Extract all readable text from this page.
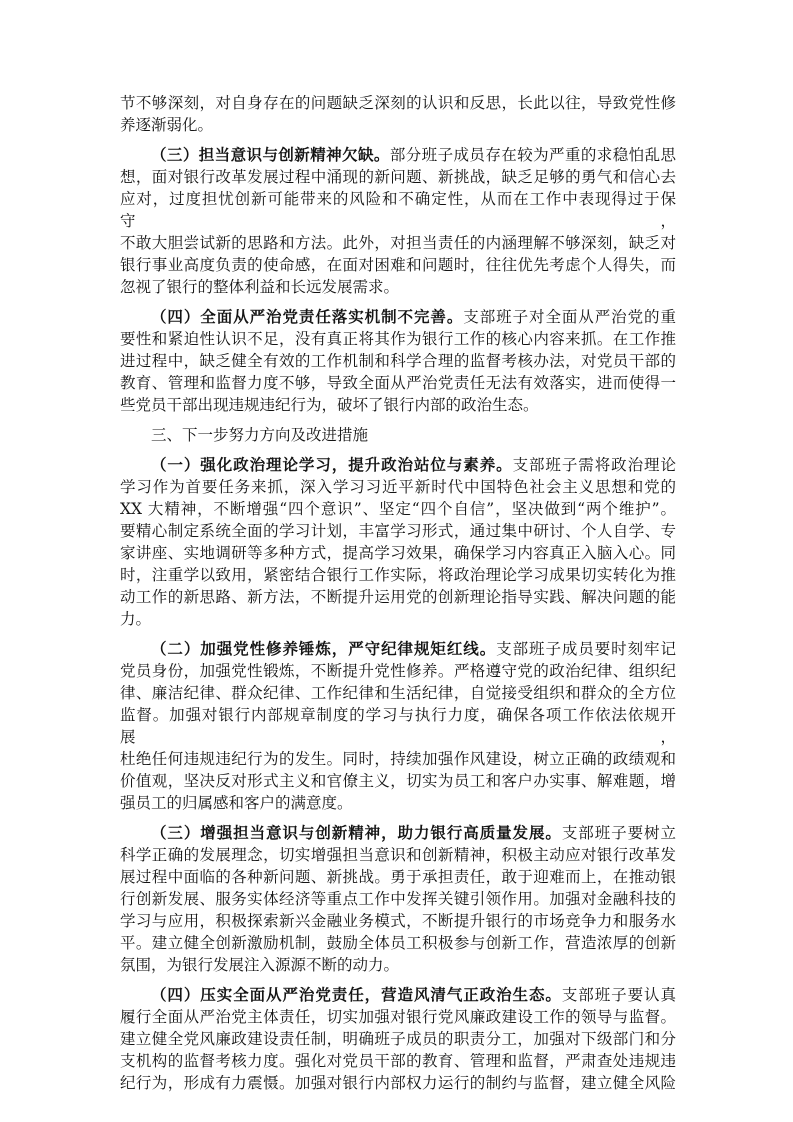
节不够深刻，对自身存在的问题缺乏深刻的认识和反思，长此以往，导致党性修
养逐渐弱化。
（三）担当意识与创新精神欠缺。部分班子成员存在较为严重的求稳怕乱思
想，面对银行改革发展过程中涌现的新问题、新挑战，缺乏足够的勇气和信心去
应对，过度担忧创新可能带来的风险和不确定性，从而在工作中表现得过于保守，
不敢大胆尝试新的思路和方法。此外，对担当责任的内涵理解不够深刻，缺乏对
银行事业高度负责的使命感，在面对困难和问题时，往往优先考虑个人得失，而
忽视了银行的整体利益和长远发展需求。
（四）全面从严治党责任落实机制不完善。支部班子对全面从严治党的重
要性和紧迫性认识不足，没有真正将其作为银行工作的核心内容来抓。在工作推
进过程中，缺乏健全有效的工作机制和科学合理的监督考核办法，对党员干部的
教育、管理和监督力度不够，导致全面从严治党责任无法有效落实，进而使得一
些党员干部出现违规违纪行为，破坏了银行内部的政治生态。
三、下一步努力方向及改进措施
（一）强化政治理论学习，提升政治站位与素养。支部班子需将政治理论
学习作为首要任务来抓，深入学习习近平新时代中国特色社会主义思想和党的
XX 大精神，不断增强“四个意识”、坚定“四个自信”，坚决做到“两个维护”。
要精心制定系统全面的学习计划，丰富学习形式，通过集中研讨、个人自学、专
家讲座、实地调研等多种方式，提高学习效果，确保学习内容真正入脑入心。同
时，注重学以致用，紧密结合银行工作实际，将政治理论学习成果切实转化为推
动工作的新思路、新方法，不断提升运用党的创新理论指导实践、解决问题的能
力。
（二）加强党性修养锤炼，严守纪律规矩红线。支部班子成员要时刻牢记
党员身份，加强党性锻炼，不断提升党性修养。严格遵守党的政治纪律、组织纪
律、廉洁纪律、群众纪律、工作纪律和生活纪律，自觉接受组织和群众的全方位
监督。加强对银行内部规章制度的学习与执行力度，确保各项工作依法依规开展，
杜绝任何违规违纪行为的发生。同时，持续加强作风建设，树立正确的政绩观和
价值观，坚决反对形式主义和官僚主义，切实为员工和客户办实事、解难题，增
强员工的归属感和客户的满意度。
（三）增强担当意识与创新精神，助力银行高质量发展。支部班子要树立
科学正确的发展理念，切实增强担当意识和创新精神，积极主动应对银行改革发
展过程中面临的各种新问题、新挑战。勇于承担责任，敢于迎难而上，在推动银
行创新发展、服务实体经济等重点工作中发挥关键引领作用。加强对金融科技的
学习与应用，积极探索新兴金融业务模式，不断提升银行的市场竞争力和服务水
平。建立健全创新激励机制，鼓励全体员工积极参与创新工作，营造浓厚的创新
氛围，为银行发展注入源源不断的动力。
（四）压实全面从严治党责任，营造风清气正政治生态。支部班子要认真
履行全面从严治党主体责任，切实加强对银行党风廉政建设工作的领导与监督。
建立健全党风廉政建设责任制，明确班子成员的职责分工，加强对下级部门和分
支机构的监督考核力度。强化对党员干部的教育、管理和监督，严肃查处违规违
纪行为，形成有力震慑。加强对银行内部权力运行的制约与监督，建立健全风险
